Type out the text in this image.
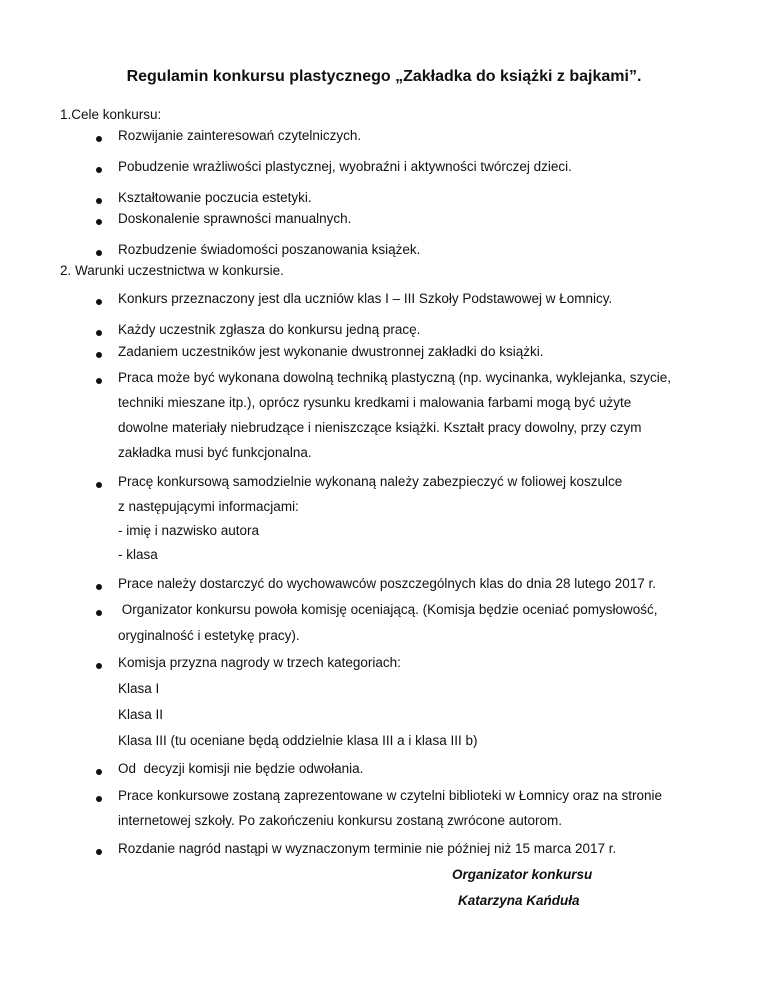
Regulamin konkursu plastycznego „Zakładka do książki z bajkami”.
1.Cele konkursu:
Rozwijanie zainteresowań czytelniczych.
Pobudzenie wrażliwości plastycznej, wyobraźni i aktywności twórczej dzieci.
Kształtowanie poczucia estetyki.
Doskonalenie sprawności manualnych.
Rozbudzenie świadomości poszanowania książek.
2. Warunki uczestnictwa w konkursie.
Konkurs przeznaczony jest dla uczniów klas I – III Szkoły Podstawowej w Łomnicy.
Każdy uczestnik zgłasza do konkursu jedną pracę.
Zadaniem uczestników jest wykonanie dwustronnej zakładki do książki.
Praca może być wykonana dowolną techniką plastyczną (np. wycinanka, wyklejanka, szycie,
techniki mieszane itp.), oprócz rysunku kredkami i malowania farbami mogą być użyte
dowolne materiały niebrudzące i nieniszczące książki. Kształt pracy dowolny, przy czym
zakładka musi być funkcjonalna.
Pracę konkursową samodzielnie wykonaną należy zabezpieczyć w foliowej koszulce
z następującymi informacjami:
- imię i nazwisko autora
- klasa
Prace należy dostarczyć do wychowawców poszczególnych klas do dnia 28 lutego 2017 r.
Organizator konkursu powoła komisję oceniającą. (Komisja będzie oceniać pomysłowość,
oryginalność i estetykę pracy).
Komisja przyzna nagrody w trzech kategoriach:
Klasa I
Klasa II
Klasa III (tu oceniane będą oddzielnie klasa III a i klasa III b)
Od  decyzji komisji nie będzie odwołania.
Prace konkursowe zostaną zaprezentowane w czytelni biblioteki w Łomnicy oraz na stronie
internetowej szkoły. Po zakończeniu konkursu zostaną zwrócone autorom.
Rozdanie nagród nastąpi w wyznaczonym terminie nie później niż 15 marca 2017 r.
Organizator konkursu
Katarzyna Kańduła
